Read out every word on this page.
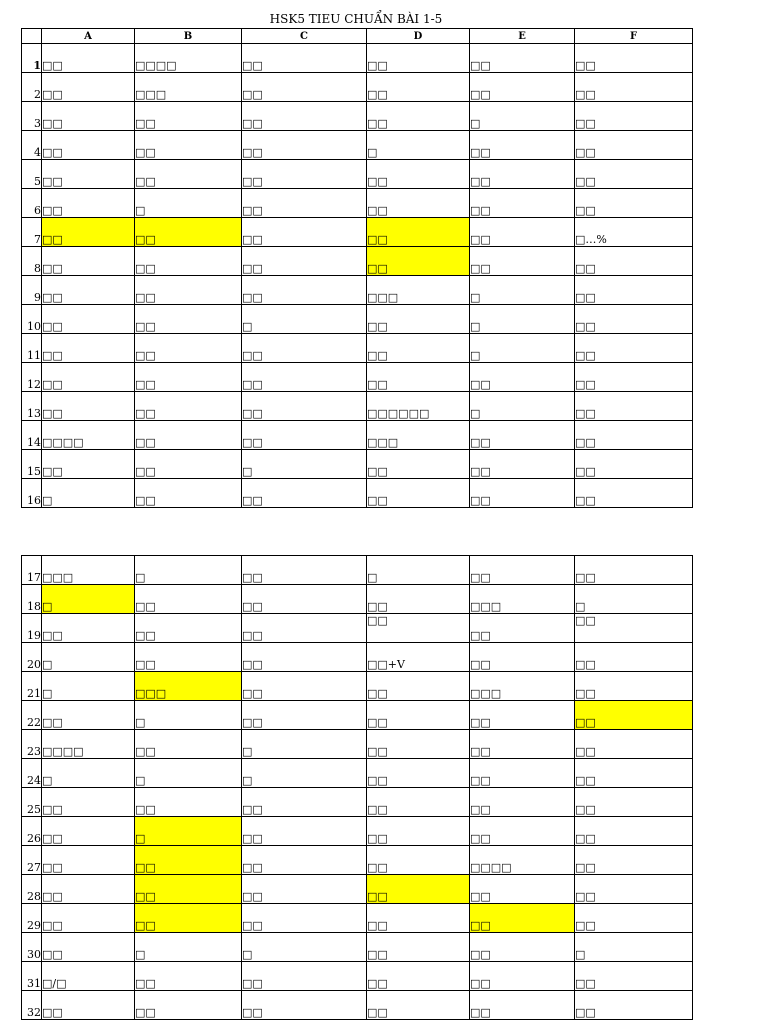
HSK5 TIEU CHUẨN BÀI 1-5
	A	B	C	D	E	F
1	□□	□□□□	□□	□□	□□	□□
2	□□	□□□	□□	□□	□□	□□
3	□□	□□	□□	□□	□	□□
4	□□	□□	□□	□	□□	□□
5	□□	□□	□□	□□	□□	□□
6	□□	□	□□	□□	□□	□□
7	□□	□□	□□	□□	□□	□…%
8	□□	□□	□□	□□	□□	□□
9	□□	□□	□□	□□□	□	□□
10	□□	□□	□	□□	□	□□
11	□□	□□	□□	□□	□	□□
12	□□	□□	□□	□□	□□	□□
13	□□	□□	□□	□□□□□□	□	□□
14	□□□□	□□	□□	□□□	□□	□□
15	□□	□□	□	□□	□□	□□
16	□	□□	□□	□□	□□	□□
17	□□□	□	□□	□	□□	□□
18	□	□□	□□	□□	□□□	□
19	□□	□□	□□	□□	□□	□□
20	□	□□	□□	□□+V	□□	□□
21	□	□□□	□□	□□	□□□	□□
22	□□	□	□□	□□	□□	□□
23	□□□□	□□	□	□□	□□	□□
24	□	□	□	□□	□□	□□
25	□□	□□	□□	□□	□□	□□
26	□□	□	□□	□□	□□	□□
27	□□	□□	□□	□□	□□□□	□□
28	□□	□□	□□	□□	□□	□□
29	□□	□□	□□	□□	□□	□□
30	□□	□	□	□□	□□	□
31	□/□	□□	□□	□□	□□	□□
32	□□	□□	□□	□□	□□	□□
